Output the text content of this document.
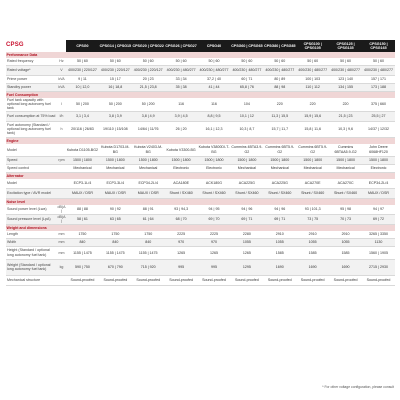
		CPSG0	CPSG14 | CPSG15	CPSG20 | CPSG22	CPSG26 | CPSG27	CPSG40	CPSG60 | CPSG65	CPSG80 | CPSG85	CPSG100 | CPSG105	CPSG125 | CPSG135	CPSG150 | CPSG165
Performance Data											
Rated frequency	Hz	50 | 60	50 | 60	50 | 60	50 | 60	50 | 60	50 | 60	50 | 60	50 | 60	50 | 60	50 | 60
Rated voltage*	V	400/230 | 220/127	400/230 | 220/127	400/230 | 220/127	400/230 | 480/277	400/230 | 480/277	400/230 | 480/277	400/230 | 480/277	400/230 | 480/277	400/230 | 480/277	400/230 | 480/277
Prime power	kVA	9 | 11	15 | 17	20 | 23	33 | 34	37,2 | 40	60 | 71	80 | 89	100 | 103	123 | 140	157 | 171
Standby power	kVA	10 | 12,0	16 | 18,8	21,5 | 23,8	35 | 38	41 | 44	65,8 | 76	88 | 98	110 | 112	134 | 155	173 | 188
Fuel Consumption											
Fuel tank capacity with optional long autonomy fuel tank	l	50 | 200	50 | 200	50 | 200	116	116	104	220	220	220	375 | 660
Fuel consumption at 75% load	l/h	3,1 | 3,4	3,8 | 3,9	3,8 | 4,9	3,9 | 4,5	8,8 | 9,5	10,1 | 12	11,3 | 15,5	15,9 | 15,6	21,5 | 23	25,5 | 27
Fuel autonomy (Standard / optional long autonomy fuel tank)	h	20/116 | 26/83	19/110 | 15/108	14/64 | 11/76	26 | 20	16,1 | 12,3	10,3 | 8,7	15,7 | 11,7	15,8 | 11,6	10,3 | 9,6	14/37 | 12/32
Engine											
Model		Kubota D1105-BG2	Kubota D1703-M-BG	Kubota V2403-M-BG	Kubota V3300-BG	Kubota V3800DI-T-BG	Cummins 4BTA3.9-G2	Cummins 6BT5.9-G2	Cummins 6BT5.9-G2	Cummins 6BTAA5.9-G2	John Deere 6068HF120
Speed	rpm	1500 | 1800	1500 | 1800	1500 | 1800	1500 | 1800	1500 | 1800	1500 | 1800	1500 | 1800	1500 | 1800	1500 | 1800	1500 | 1800
Speed control		Mechanical	Mechanical	Mechanical	Electronic	Electronic	Mechanical	Mechanical	Mechanical	Mechanical	Electronic
Alternator											
Model		ECP3-1L/4	ECP3-3L/4	ECP34-2L/4	ACA180E	ACK180G	ACA225G	ACA225G	ACA270E	ACA270C	ECP34-2L/4
Excitation type / AVR model		MAUX / DSR	MAUX / DSR	MAUX / DSR	Shunt / SX460	Shunt / SX460	Shunt / SX460	Shunt / SX460	Shunt / SX460	Shunt / SX460	MAUX / DSR
Noise level											
Sound power level (Lwa)	dB(A)	88 | 88	90 | 92	88 | 91	93 | 94,3	94 | 95	94 | 96	94 | 96	93 | 101,3	95 | 98	94 | 97
Sound pressure level (LpA)	dB(A)	58 | 61	63 | 65	61 | 64	68 | 70	69 | 70	69 | 71	69 | 71	73 | 75	70 | 73	69 | 72
Weight and dimensions											
Length	mm	1750	1750	1750	2225	2225	2280	2910	2910	2910	3265 | 3350
Width	mm	840	840	840	970	970	1055	1055	1055	1055	1130
Height (Standard / optional long autonomy fuel tank)	mm	1155 | 1475	1155 | 1475	1155 | 1475	1265	1265	1265	1585	1585	1585	1560 | 1905
Weight (Standard / optional long autonomy fuel tank)	kg	590 | 750	670 | 790	715 | 920	995	995	1295	1690	1690	1690	2715 | 2930
Mechanical structure		Sound-proofed	Sound-proofed	Sound-proofed	Sound-proofed	Sound-proofed	Sound-proofed	Sound-proofed	Sound-proofed	Sound-proofed	Sound-proofed
CPSG
* For other voltage configuration, please consult
